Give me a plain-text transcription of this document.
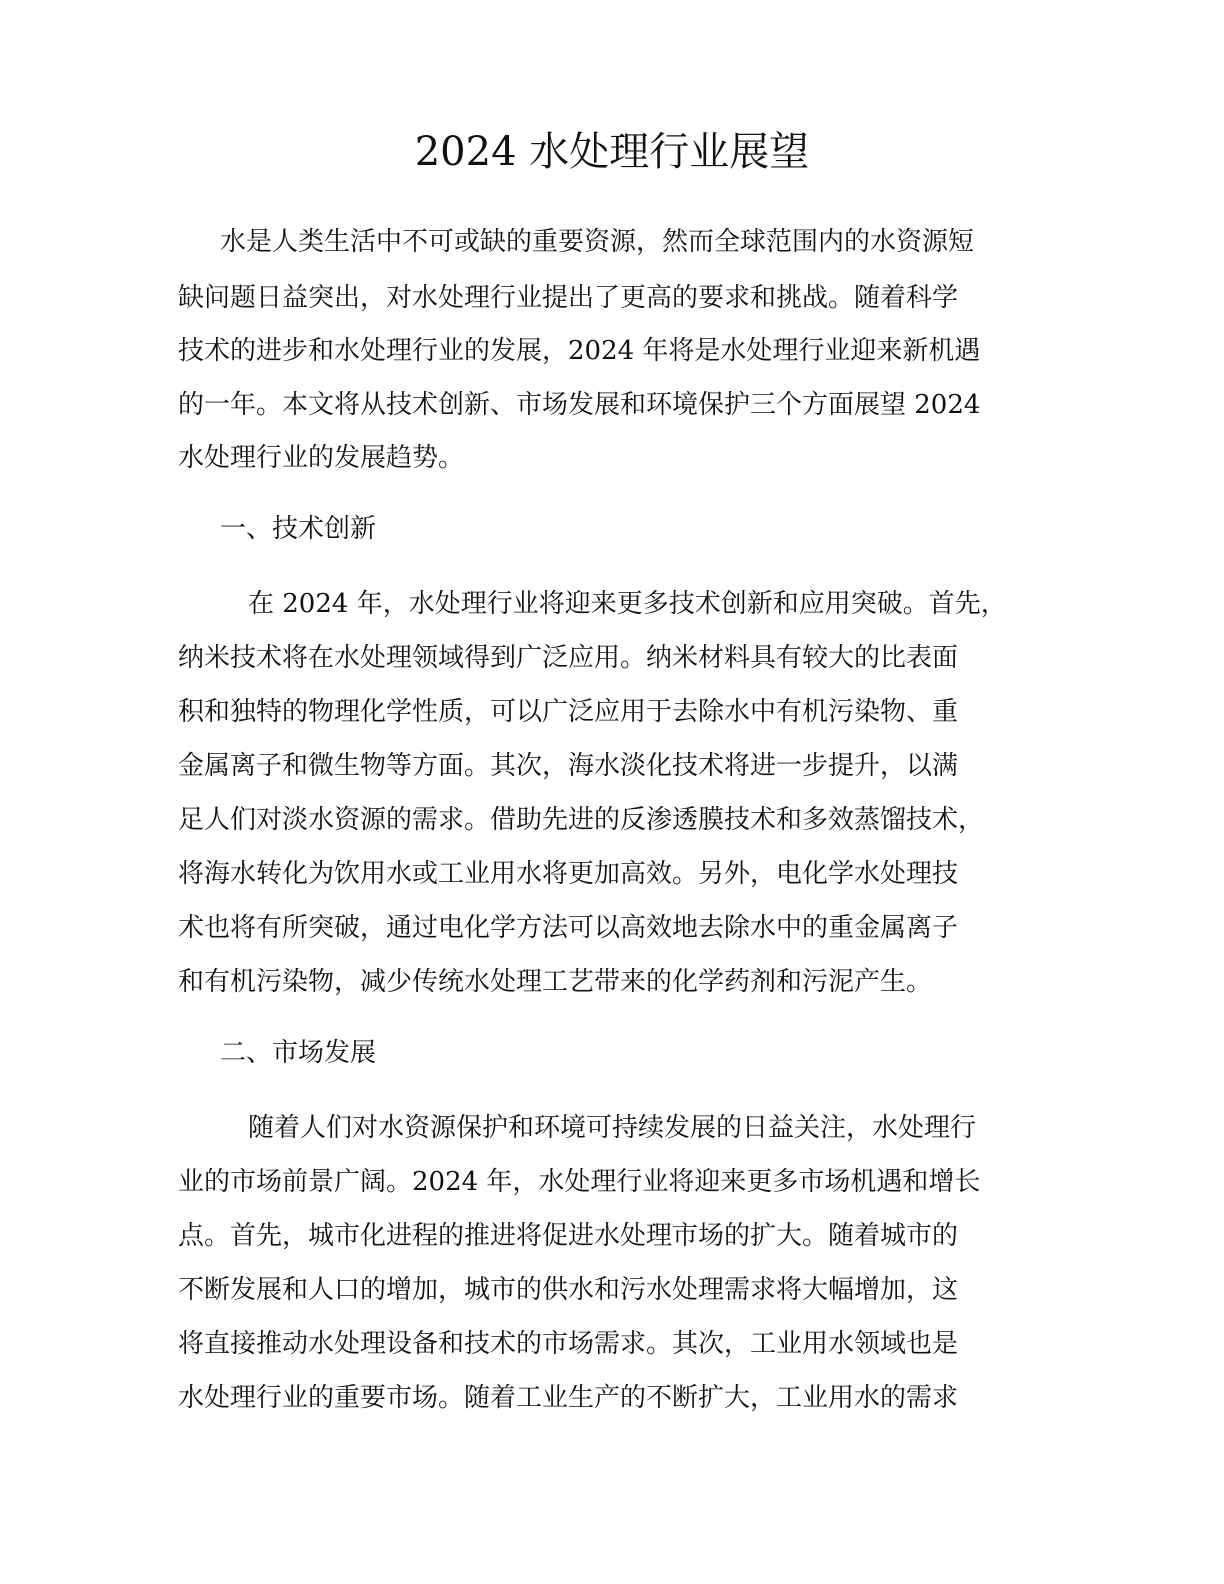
2024 水处理行业展望

水是人类生活中不可或缺的重要资源，然而全球范围内的水资源短

缺问题日益突出，对水处理行业提出了更高的要求和挑战。随着科学

技术的进步和水处理行业的发展，2024 年将是水处理行业迎来新机遇

的一年。本文将从技术创新、市场发展和环境保护三个方面展望 2024

水处理行业的发展趋势。

一、技术创新

在 2024 年，水处理行业将迎来更多技术创新和应用突破。首先，

纳米技术将在水处理领域得到广泛应用。纳米材料具有较大的比表面

积和独特的物理化学性质，可以广泛应用于去除水中有机污染物、重

金属离子和微生物等方面。其次，海水淡化技术将进一步提升，以满

足人们对淡水资源的需求。借助先进的反渗透膜技术和多效蒸馏技术，

将海水转化为饮用水或工业用水将更加高效。另外，电化学水处理技

术也将有所突破，通过电化学方法可以高效地去除水中的重金属离子

和有机污染物，减少传统水处理工艺带来的化学药剂和污泥产生。

二、市场发展

随着人们对水资源保护和环境可持续发展的日益关注，水处理行

业的市场前景广阔。2024 年，水处理行业将迎来更多市场机遇和增长

点。首先，城市化进程的推进将促进水处理市场的扩大。随着城市的

不断发展和人口的增加，城市的供水和污水处理需求将大幅增加，这

将直接推动水处理设备和技术的市场需求。其次，工业用水领域也是

水处理行业的重要市场。随着工业生产的不断扩大，工业用水的需求
